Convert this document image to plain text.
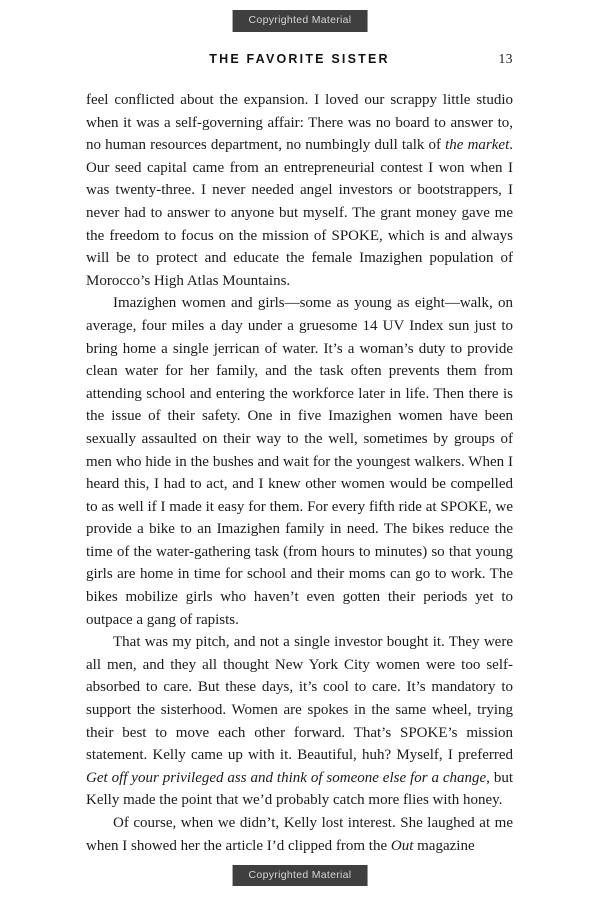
Copyrighted Material
THE FAVORITE SISTER	13

feel conflicted about the expansion. I loved our scrappy little studio when it was a self-governing affair: There was no board to answer to, no human resources department, no numbingly dull talk of the market. Our seed capital came from an entrepreneurial contest I won when I was twenty-three. I never needed angel investors or bootstrappers, I never had to answer to anyone but myself. The grant money gave me the freedom to focus on the mission of SPOKE, which is and always will be to protect and educate the female Imazighen population of Morocco’s High Atlas Mountains.

Imazighen women and girls—some as young as eight—walk, on average, four miles a day under a gruesome 14 UV Index sun just to bring home a single jerrican of water. It’s a woman’s duty to provide clean water for her family, and the task often prevents them from attending school and entering the workforce later in life. Then there is the issue of their safety. One in five Imazighen women have been sexually assaulted on their way to the well, sometimes by groups of men who hide in the bushes and wait for the youngest walkers. When I heard this, I had to act, and I knew other women would be compelled to as well if I made it easy for them. For every fifth ride at SPOKE, we provide a bike to an Imazighen family in need. The bikes reduce the time of the water-gathering task (from hours to minutes) so that young girls are home in time for school and their moms can go to work. The bikes mobilize girls who haven’t even gotten their periods yet to outpace a gang of rapists.

That was my pitch, and not a single investor bought it. They were all men, and they all thought New York City women were too self-absorbed to care. But these days, it’s cool to care. It’s mandatory to support the sisterhood. Women are spokes in the same wheel, trying their best to move each other forward. That’s SPOKE’s mission statement. Kelly came up with it. Beautiful, huh? Myself, I preferred Get off your privileged ass and think of someone else for a change, but Kelly made the point that we’d probably catch more flies with honey.

Of course, when we didn’t, Kelly lost interest. She laughed at me when I showed her the article I’d clipped from the Out magazine

Copyrighted Material
